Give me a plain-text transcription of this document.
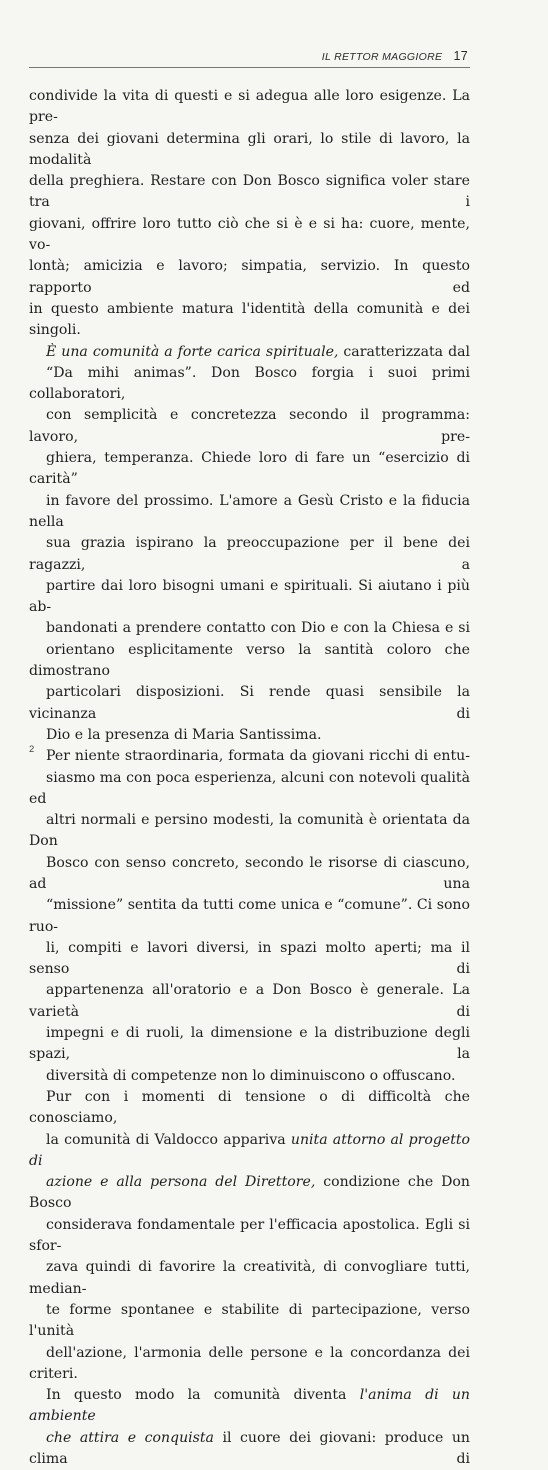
IL RETTOR MAGGIORE 17

condivide la vita di questi e si adegua alle loro esigenze. La pre-
senza dei giovani determina gli orari, lo stile di lavoro, la modalità
della preghiera. Restare con Don Bosco significa voler stare tra i
giovani, offrire loro tutto ciò che si è e si ha: cuore, mente, vo-
lontà; amicizia e lavoro; simpatia, servizio. In questo rapporto ed
in questo ambiente matura l'identità della comunità e dei singoli.

È una comunità a forte carica spirituale, caratterizzata dal
“Da mihi animas”. Don Bosco forgia i suoi primi collaboratori,
con semplicità e concretezza secondo il programma: lavoro, pre-
ghiera, temperanza. Chiede loro di fare un “esercizio di carità”
in favore del prossimo. L'amore a Gesù Cristo e la fiducia nella
sua grazia ispirano la preoccupazione per il bene dei ragazzi, a
partire dai loro bisogni umani e spirituali. Si aiutano i più ab-
bandonati a prendere contatto con Dio e con la Chiesa e si
orientano esplicitamente verso la santità coloro che dimostrano
particolari disposizioni. Si rende quasi sensibile la vicinanza di
Dio e la presenza di Maria Santissima.

Per niente straordinaria, formata da giovani ricchi di entu-
siasmo ma con poca esperienza, alcuni con notevoli qualità ed
altri normali e persino modesti, la comunità è orientata da Don
Bosco con senso concreto, secondo le risorse di ciascuno, ad una
“missione” sentita da tutti come unica e “comune”. Ci sono ruo-
li, compiti e lavori diversi, in spazi molto aperti; ma il senso di
appartenenza all'oratorio e a Don Bosco è generale. La varietà di
impegni e di ruoli, la dimensione e la distribuzione degli spazi, la
diversità di competenze non lo diminuiscono o offuscano.

Pur con i momenti di tensione o di difficoltà che conosciamo,
la comunità di Valdocco appariva unita attorno al progetto di
azione e alla persona del Direttore, condizione che Don Bosco
considerava fondamentale per l'efficacia apostolica. Egli si sfor-
zava quindi di favorire la creatività, di convogliare tutti, median-
te forme spontanee e stabilite di partecipazione, verso l'unità
dell'azione, l'armonia delle persone e la concordanza dei criteri.

In questo modo la comunità diventa l'anima di un ambiente
che attira e conquista il cuore dei giovani: produce un clima di

2
